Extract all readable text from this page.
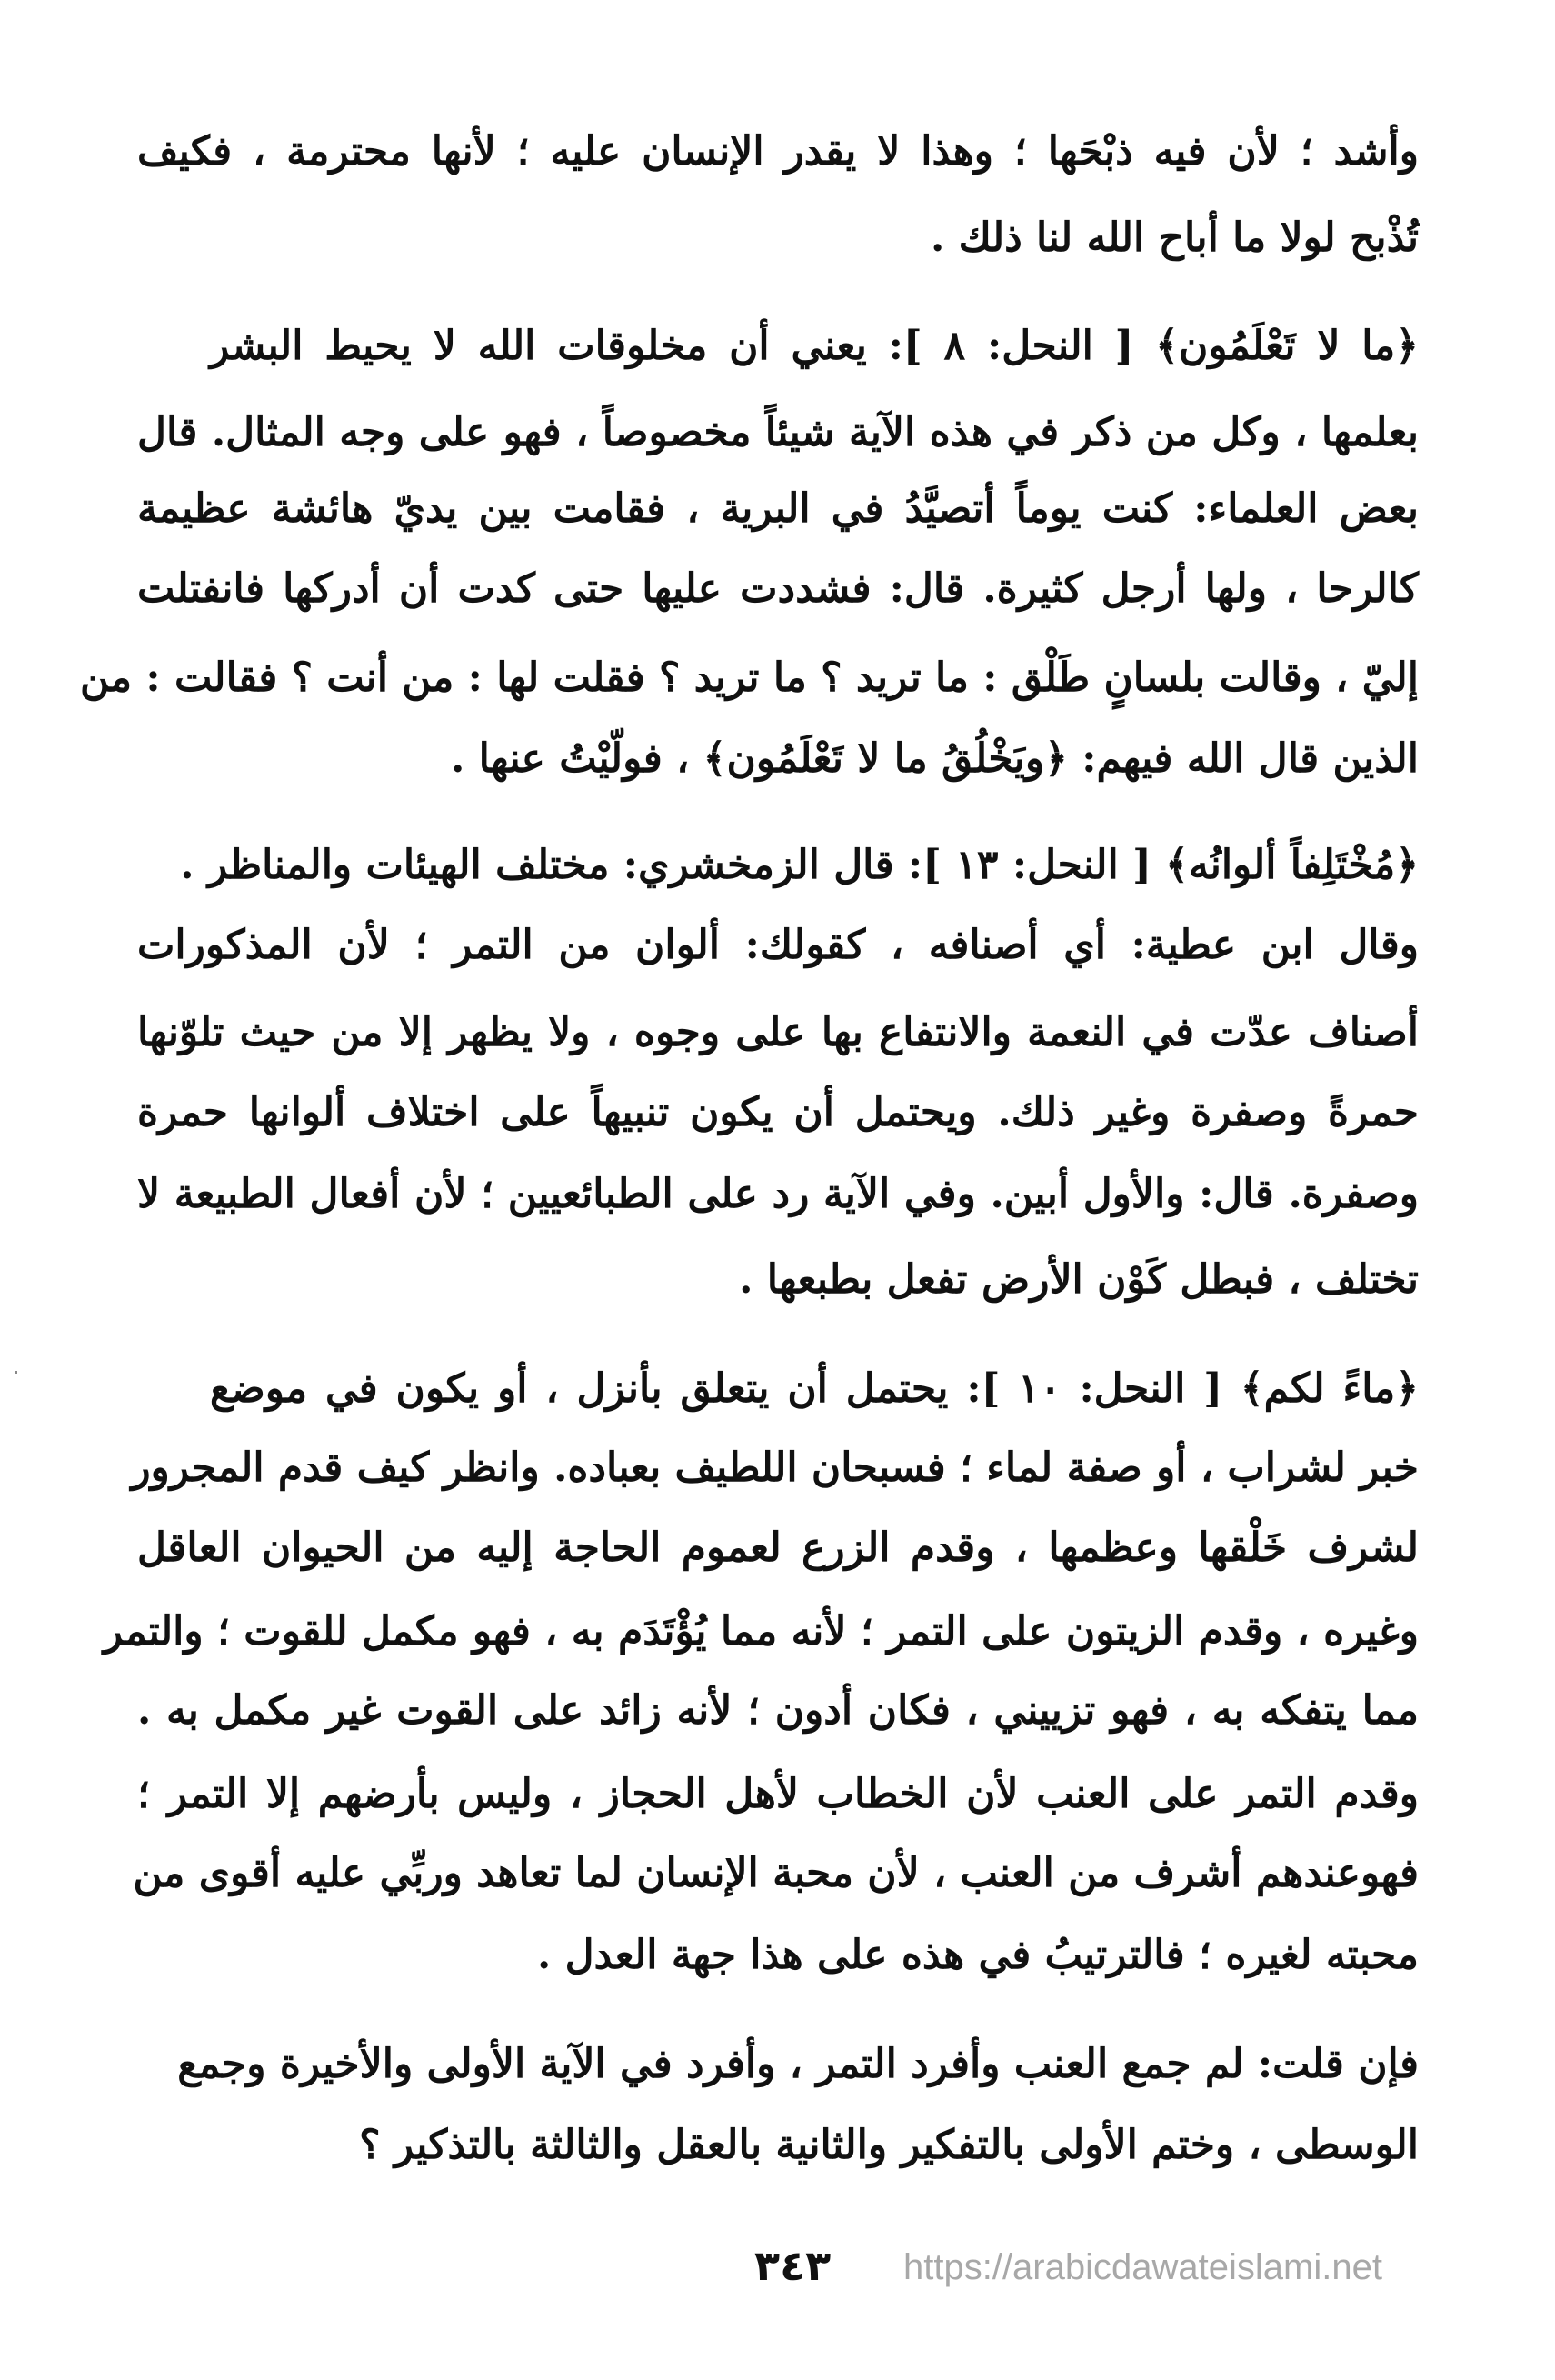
وأشد ؛ لأن فيه ذبْحَها ؛ وهذا لا يقدر الإنسان عليه ؛ لأنها محترمة ، فكيف
تُذْبح لولا ما أباح الله لنا ذلك .
﴿ما لا تَعْلَمُون﴾ [ النحل: ٨ ]: يعني أن مخلوقات الله لا يحيط البشر
بعلمها ، وكل من ذكر في هذه الآية شيئاً مخصوصاً ، فهو على وجه المثال. قال
بعض العلماء: كنت يوماً أتصيَّدُ في البرية ، فقامت بين يديّ هائشة عظيمة
كالرحا ، ولها أرجل كثيرة. قال: فشددت عليها حتى كدت أن أدركها فانفتلت
إليّ ، وقالت بلسانٍ طَلْق : ما تريد ؟ ما تريد ؟ فقلت لها : من أنت ؟ فقالت : من
الذين قال الله فيهم: ﴿ويَخْلُقُ ما لا تَعْلَمُون﴾ ، فولّيْتُ عنها .
﴿مُخْتَلِفاً ألوانُه﴾ [ النحل: ١٣ ]: قال الزمخشري: مختلف الهيئات والمناظر .
وقال ابن عطية: أي أصنافه ، كقولك: ألوان من التمر ؛ لأن المذكورات
أصناف عدّت في النعمة والانتفاع بها على وجوه ، ولا يظهر إلا من حيث تلوّنها
حمرةً وصفرة وغير ذلك. ويحتمل أن يكون تنبيهاً على اختلاف ألوانها حمرة
وصفرة. قال: والأول أبين. وفي الآية رد على الطبائعيين ؛ لأن أفعال الطبيعة لا
تختلف ، فبطل كَوْن الأرض تفعل بطبعها .
﴿ماءً لكم﴾ [ النحل: ١٠ ]: يحتمل أن يتعلق بأنزل ، أو يكون في موضع
خبر لشراب ، أو صفة لماء ؛ فسبحان اللطيف بعباده. وانظر كيف قدم المجرور
لشرف خَلْقها وعظمها ، وقدم الزرع لعموم الحاجة إليه من الحيوان العاقل
وغيره ، وقدم الزيتون على التمر ؛ لأنه مما يُؤْتَدَم به ، فهو مكمل للقوت ؛ والتمر
مما يتفكه به ، فهو تزييني ، فكان أدون ؛ لأنه زائد على القوت غير مكمل به .
وقدم التمر على العنب لأن الخطاب لأهل الحجاز ، وليس بأرضهم إلا التمر ؛
فهوعندهم أشرف من العنب ، لأن محبة الإنسان لما تعاهد وربِّي عليه أقوى من
محبته لغيره ؛ فالترتيبُ في هذه على هذا جهة العدل .
فإن قلت: لم جمع العنب وأفرد التمر ، وأفرد في الآية الأولى والأخيرة وجمع
الوسطى ، وختم الأولى بالتفكير والثانية بالعقل والثالثة بالتذكير ؟
٣٤٣ https://arabicdawateislami.net
